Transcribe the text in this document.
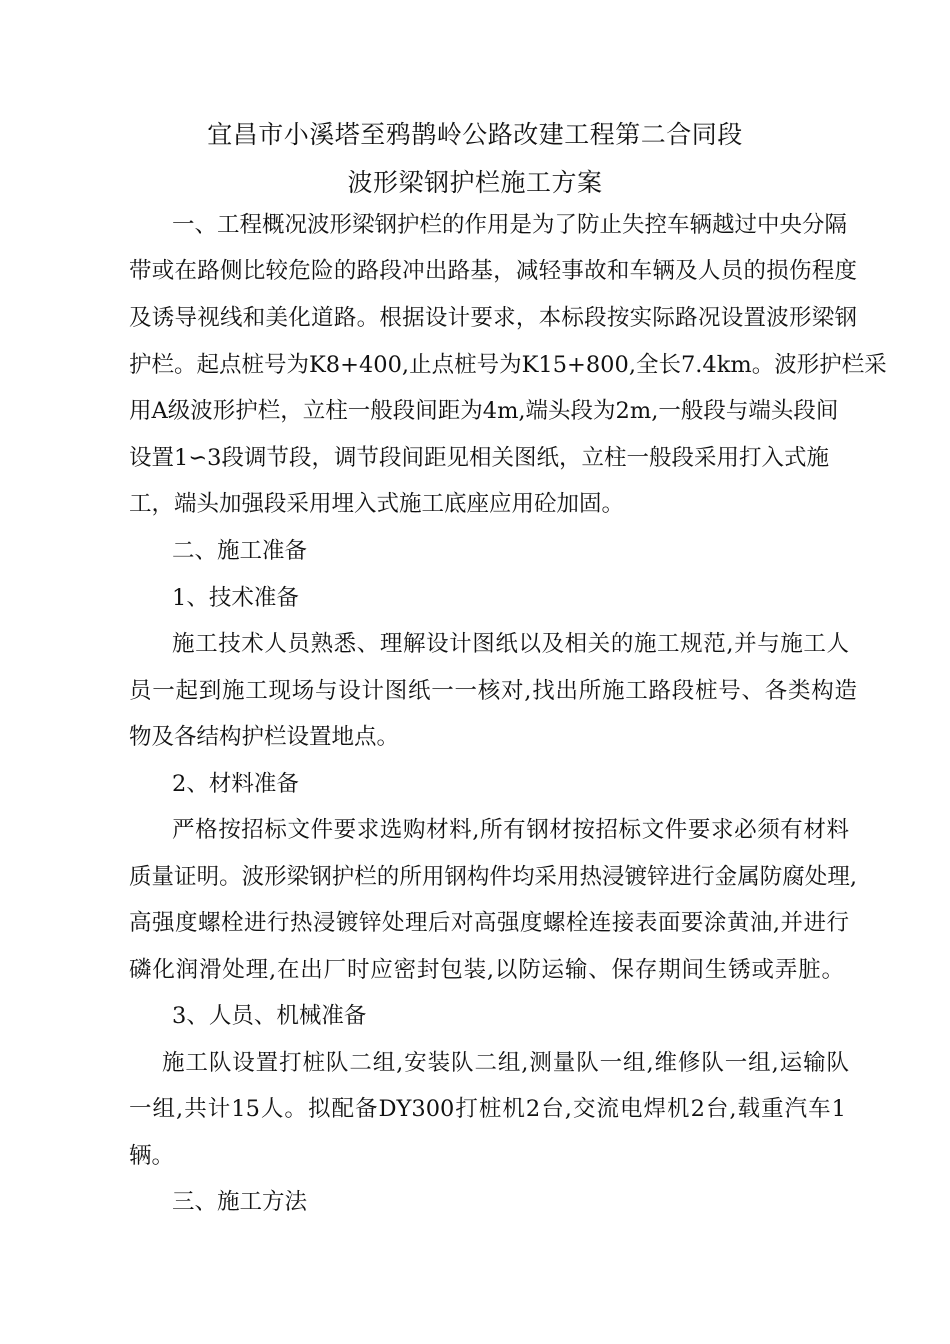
宜昌市小溪塔至鸦鹊岭公路改建工程第二合同段
波形梁钢护栏施工方案
一、工程概况波形梁钢护栏的作用是为了防止失控车辆越过中央分隔
带或在路侧比较危险的路段冲出路基，减轻事故和车辆及人员的损伤程度
及诱导视线和美化道路。根据设计要求，本标段按实际路况设置波形梁钢
护栏。起点桩号为K8+400,止点桩号为K15+800,全长7.4km。波形护栏采
用A级波形护栏，立柱一般段间距为4m,端头段为2m,一般段与端头段间
设置1∽3段调节段，调节段间距见相关图纸，立柱一般段采用打入式施
工，端头加强段采用埋入式施工底座应用砼加固。
二、施工准备
1、技术准备
施工技术人员熟悉、理解设计图纸以及相关的施工规范,并与施工人
员一起到施工现场与设计图纸一一核对,找出所施工路段桩号、各类构造
物及各结构护栏设置地点。
2、材料准备
严格按招标文件要求选购材料,所有钢材按招标文件要求必须有材料
质量证明。波形梁钢护栏的所用钢构件均采用热浸镀锌进行金属防腐处理,
高强度螺栓进行热浸镀锌处理后对高强度螺栓连接表面要涂黄油,并进行
磷化润滑处理,在出厂时应密封包装,以防运输、保存期间生锈或弄脏。
3、人员、机械准备
施工队设置打桩队二组,安装队二组,测量队一组,维修队一组,运输队
一组,共计15人。拟配备DY300打桩机2台,交流电焊机2台,载重汽车1
辆。
三、施工方法
